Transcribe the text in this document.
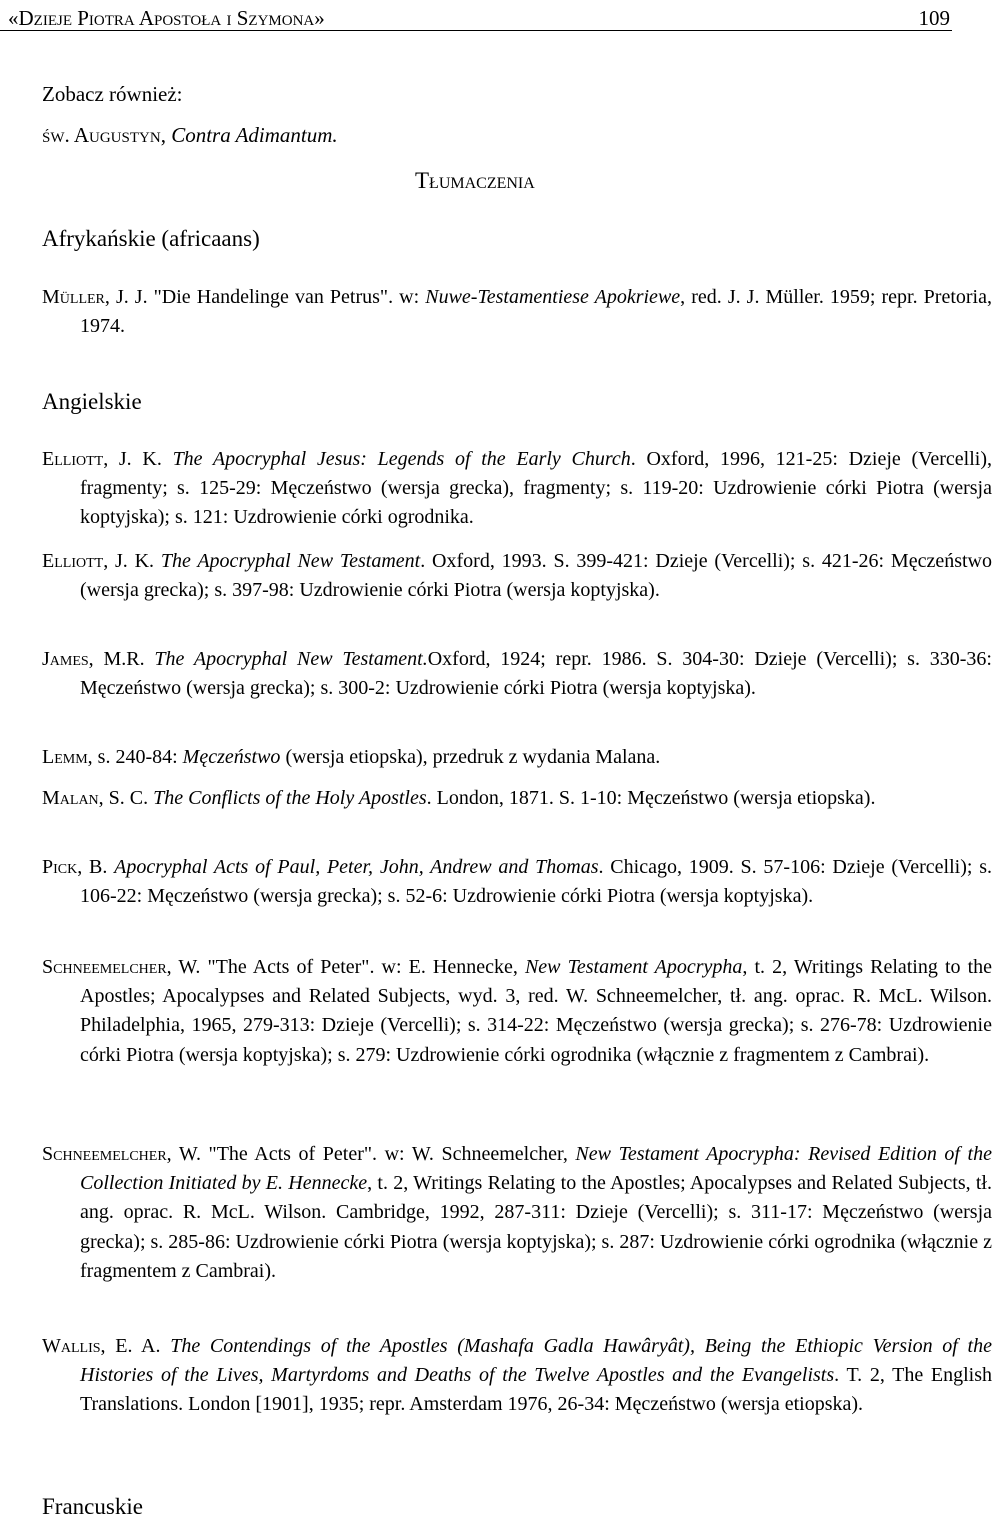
«Dzieje Piotra Apostoła i Szymona»	109
Zobacz również:
św. Augustyn, Contra Adimantum.
Tłumaczenia
Afrykańskie (africaans)
Müller, J. J. "Die Handelinge van Petrus". w: Nuwe-Testamentiese Apokriewe, red. J. J. Müller. 1959; repr. Pretoria, 1974.
Angielskie
Elliott, J. K. The Apocryphal Jesus: Legends of the Early Church. Oxford, 1996, 121-25: Dzieje (Vercelli), fragmenty; s. 125-29: Męczeństwo (wersja grecka), fragmenty; s. 119-20: Uzdrowienie córki Piotra (wersja koptyjska); s. 121: Uzdrowienie córki ogrodnika.
Elliott, J. K. The Apocryphal New Testament. Oxford, 1993. S. 399-421: Dzieje (Vercelli); s. 421-26: Męczeństwo (wersja grecka); s. 397-98: Uzdrowienie córki Piotra (wersja koptyjska).
James, M.R. The Apocryphal New Testament.Oxford, 1924; repr. 1986. S. 304-30: Dzieje (Vercelli); s. 330-36: Męczeństwo (wersja grecka); s. 300-2: Uzdrowienie córki Piotra (wersja koptyjska).
Lemm, s. 240-84: Męczeństwo (wersja etiopska), przedruk z wydania Malana.
Malan, S. C. The Conflicts of the Holy Apostles. London, 1871. S. 1-10: Męczeństwo (wersja etiopska).
Pick, B. Apocryphal Acts of Paul, Peter, John, Andrew and Thomas. Chicago, 1909. S. 57-106: Dzieje (Vercelli); s. 106-22: Męczeństwo (wersja grecka); s. 52-6: Uzdrowienie córki Piotra (wersja koptyjska).
Schneemelcher, W. "The Acts of Peter". w: E. Hennecke, New Testament Apocrypha, t. 2, Writings Relating to the Apostles; Apocalypses and Related Subjects, wyd. 3, red. W. Schneemelcher, tł. ang. oprac. R. McL. Wilson. Philadelphia, 1965, 279-313: Dzieje (Vercelli); s. 314-22: Męczeństwo (wersja grecka); s. 276-78: Uzdrowienie córki Piotra (wersja koptyjska); s. 279: Uzdrowienie córki ogrodnika (włącznie z fragmentem z Cambrai).
Schneemelcher, W. "The Acts of Peter". w: W. Schneemelcher, New Testament Apocrypha: Revised Edition of the Collection Initiated by E. Hennecke, t. 2, Writings Relating to the Apostles; Apocalypses and Related Subjects, tł. ang. oprac. R. McL. Wilson. Cambridge, 1992, 287-311: Dzieje (Vercelli); s. 311-17: Męczeństwo (wersja grecka); s. 285-86: Uzdrowienie córki Piotra (wersja koptyjska); s. 287: Uzdrowienie córki ogrodnika (włącznie z fragmentem z Cambrai).
Wallis, E. A. The Contendings of the Apostles (Mashafa Gadla Hawâryât), Being the Ethiopic Version of the Histories of the Lives, Martyrdoms and Deaths of the Twelve Apostles and the Evangelists. T. 2, The English Translations. London [1901], 1935; repr. Amsterdam 1976, 26-34: Męczeństwo (wersja etiopska).
Francuskie
